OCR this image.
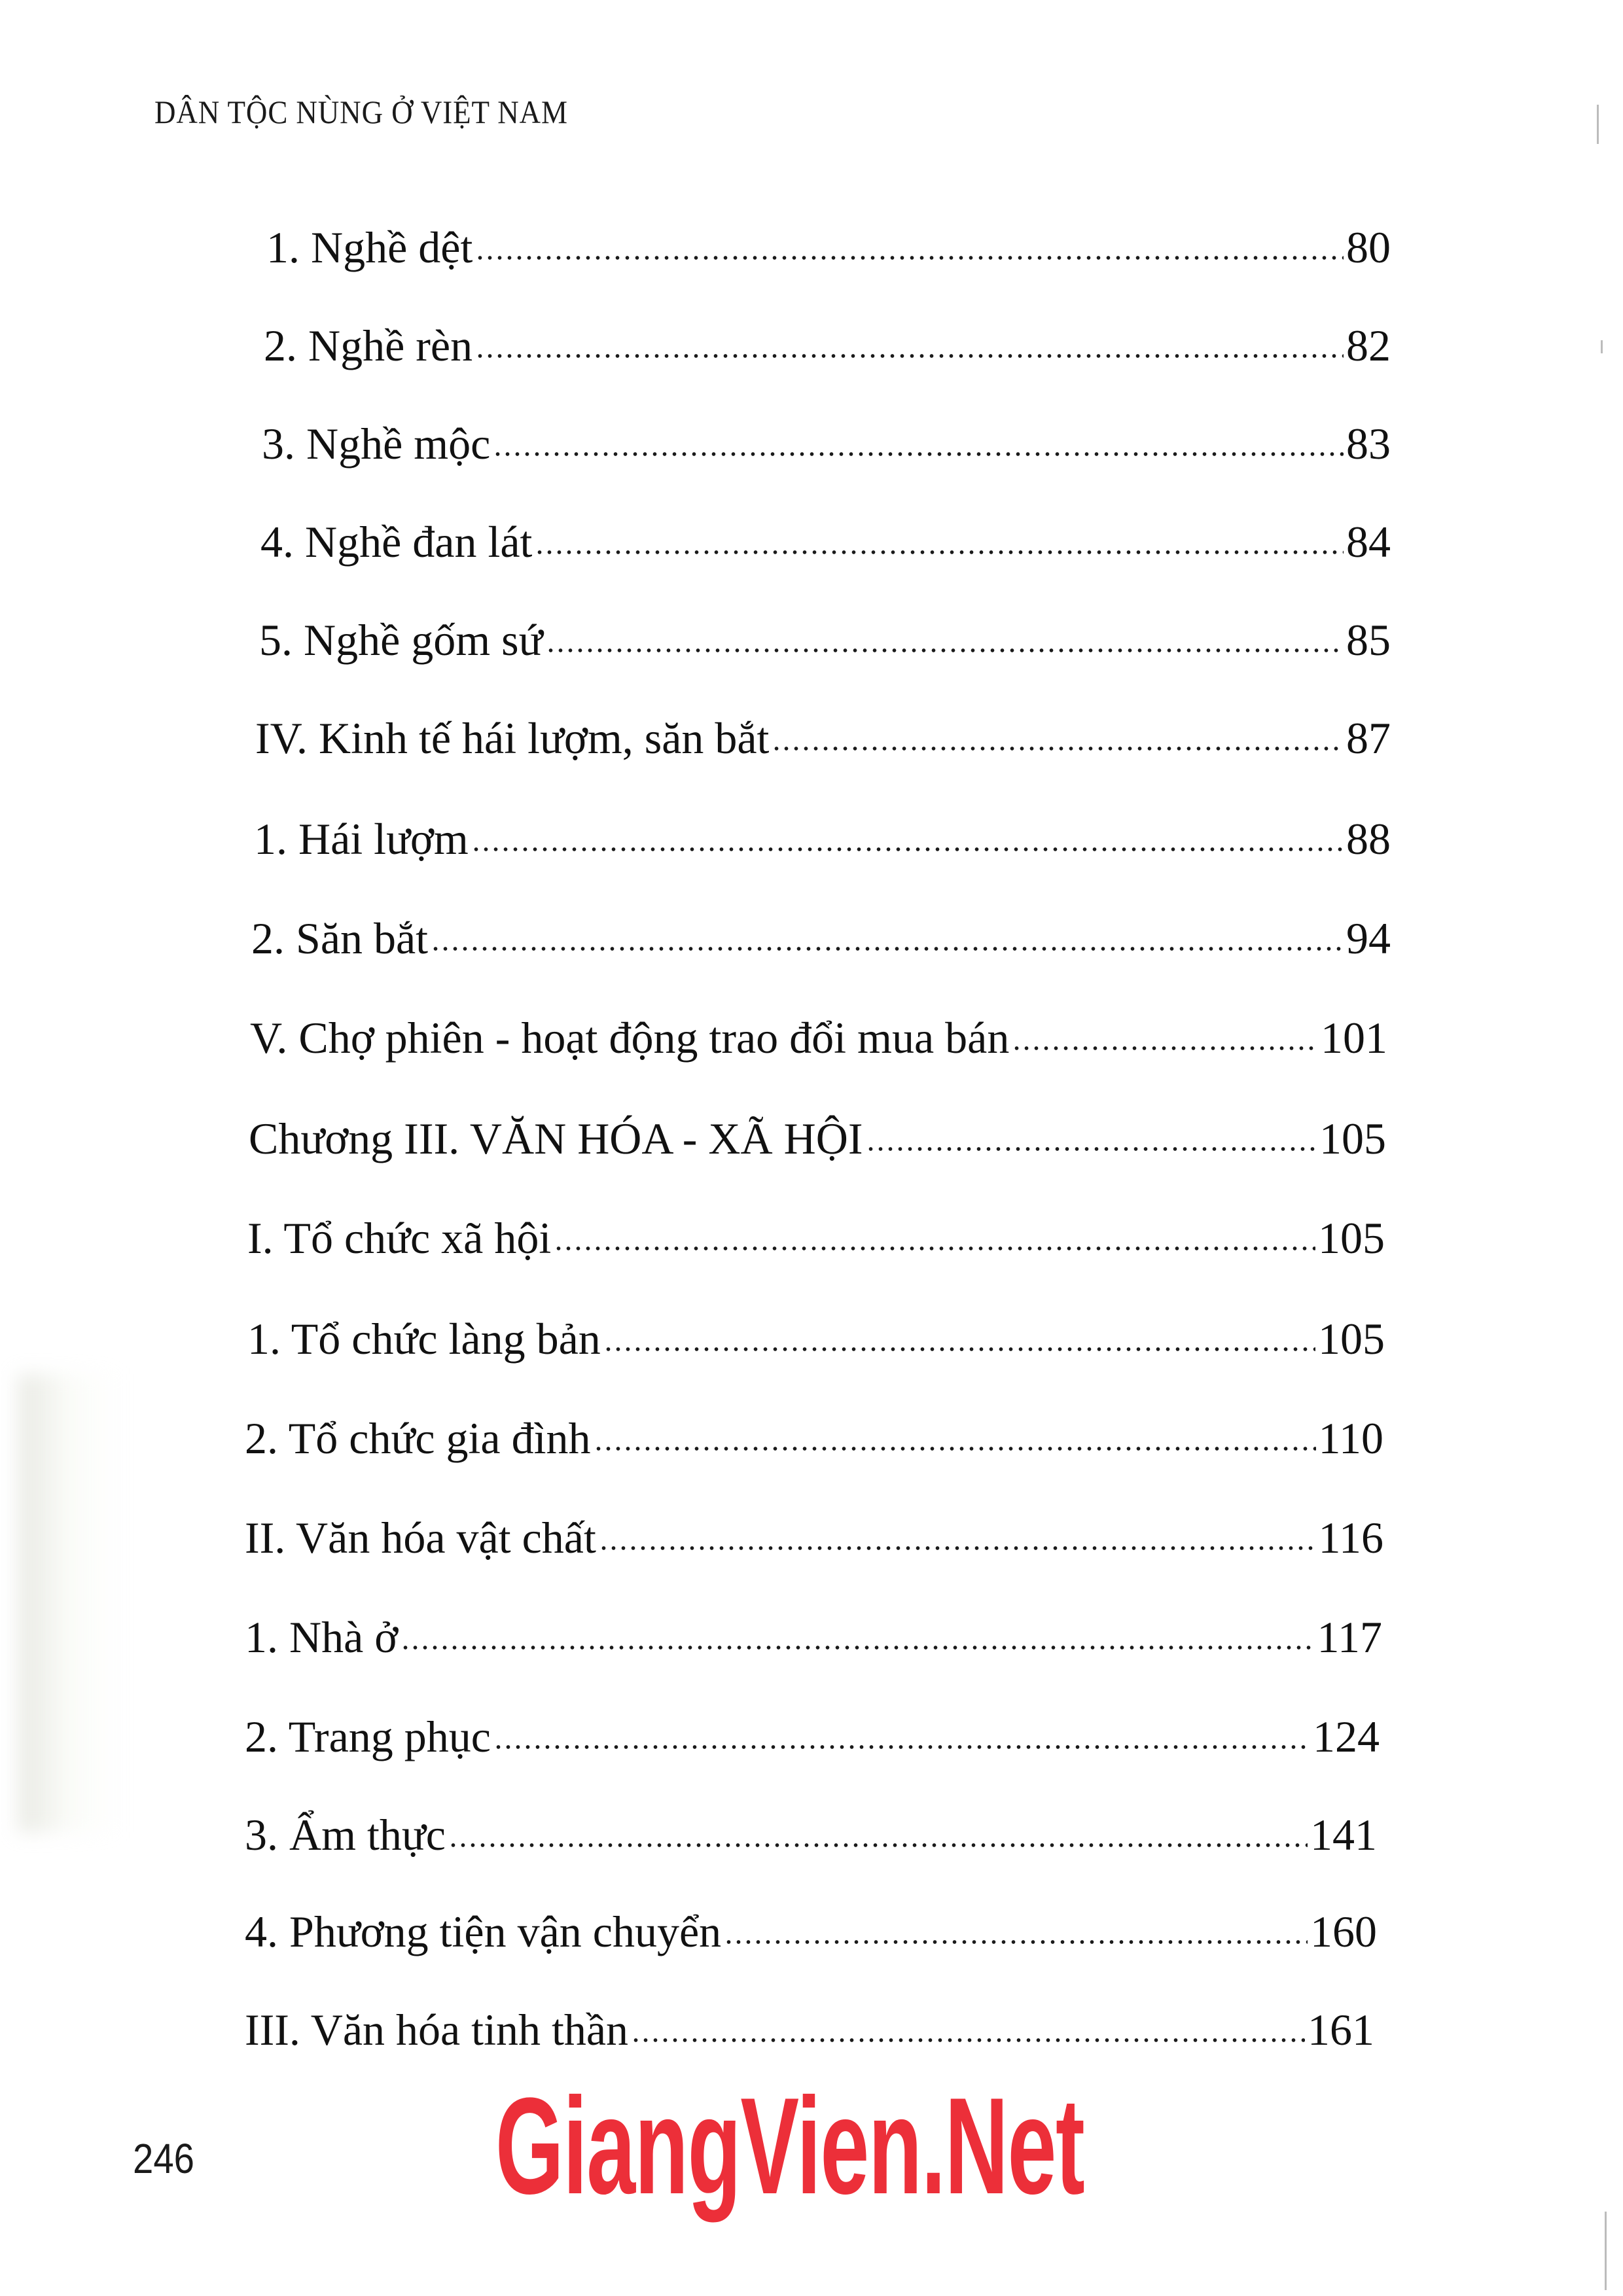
DÂN TỘC NÙNG Ở VIỆT NAM
1. Nghề dệt	80
2. Nghề rèn	82
3. Nghề mộc	83
4. Nghề đan lát	84
5. Nghề gốm sứ	85
IV. Kinh tế hái lượm, săn bắt	87
1. Hái lượm	88
2. Săn bắt	94
V. Chợ phiên - hoạt động trao đổi mua bán	101
Chương III. VĂN HÓA - XÃ HỘI	105
I. Tổ chức xã hội	105
1. Tổ chức làng bản	105
2. Tổ chức gia đình	110
II. Văn hóa vật chất	116
1. Nhà ở	117
2. Trang phục	124
3. Ẩm thực	141
4. Phương tiện vận chuyển	160
III. Văn hóa tinh thần	161
246 GiangVien.Net
